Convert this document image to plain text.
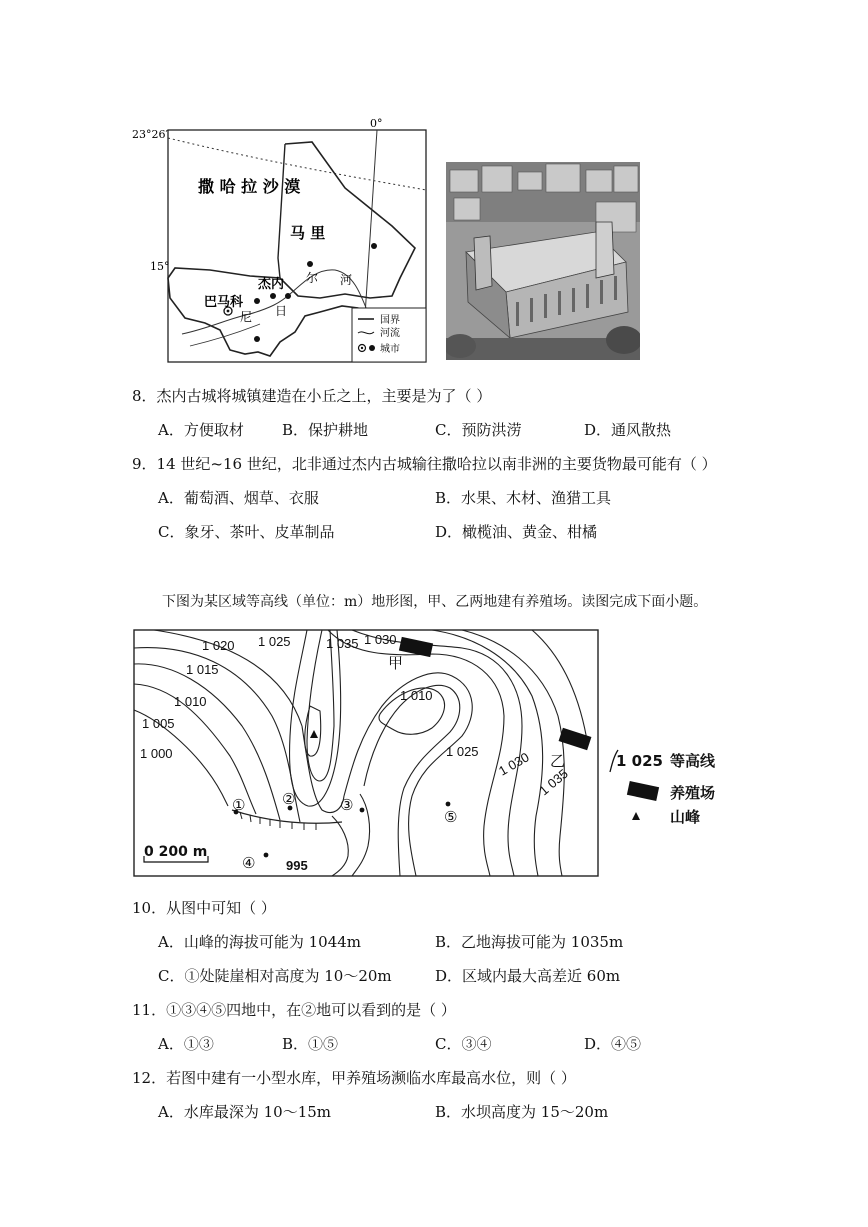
23°26′
15°
0°
撒 哈 拉 沙 漠
马 里
杰内
巴马科
尔 河
尼 日
国界
河流
城市
8．杰内古城将城镇建造在小丘之上，主要是为了（ ）
A．方便取材	B．保护耕地	C．预防洪涝	D．通风散热
9．14 世纪~16 世纪，北非通过杰内古城输往撒哈拉以南非洲的主要货物最可能有（ ）
A．葡萄酒、烟草、衣服	B．水果、木材、渔猎工具
C．象牙、茶叶、皮革制品	D．橄榄油、黄金、柑橘
下图为某区域等高线（单位：m）地形图，甲、乙两地建有养殖场。读图完成下面小题。
1 020 1 025	1 035 1 030
1 015
1 010	1 010
1 005
1 000	1 025 1 030
1 035
995
甲
乙
① ②	③
④
⑤
0 200 m
1 025 等高线
养殖场
山峰
10．从图中可知（ ）
A．山峰的海拔可能为 1044m	B．乙地海拔可能为 1035m
C．①处陡崖相对高度为 10～20m	D．区域内最大高差近 60m
11．①③④⑤四地中，在②地可以看到的是（ ）
A．①③	B．①⑤	C．③④	D．④⑤
12．若图中建有一小型水库，甲养殖场濒临水库最高水位，则（ ）
A．水库最深为 10～15m	B．水坝高度为 15～20m
